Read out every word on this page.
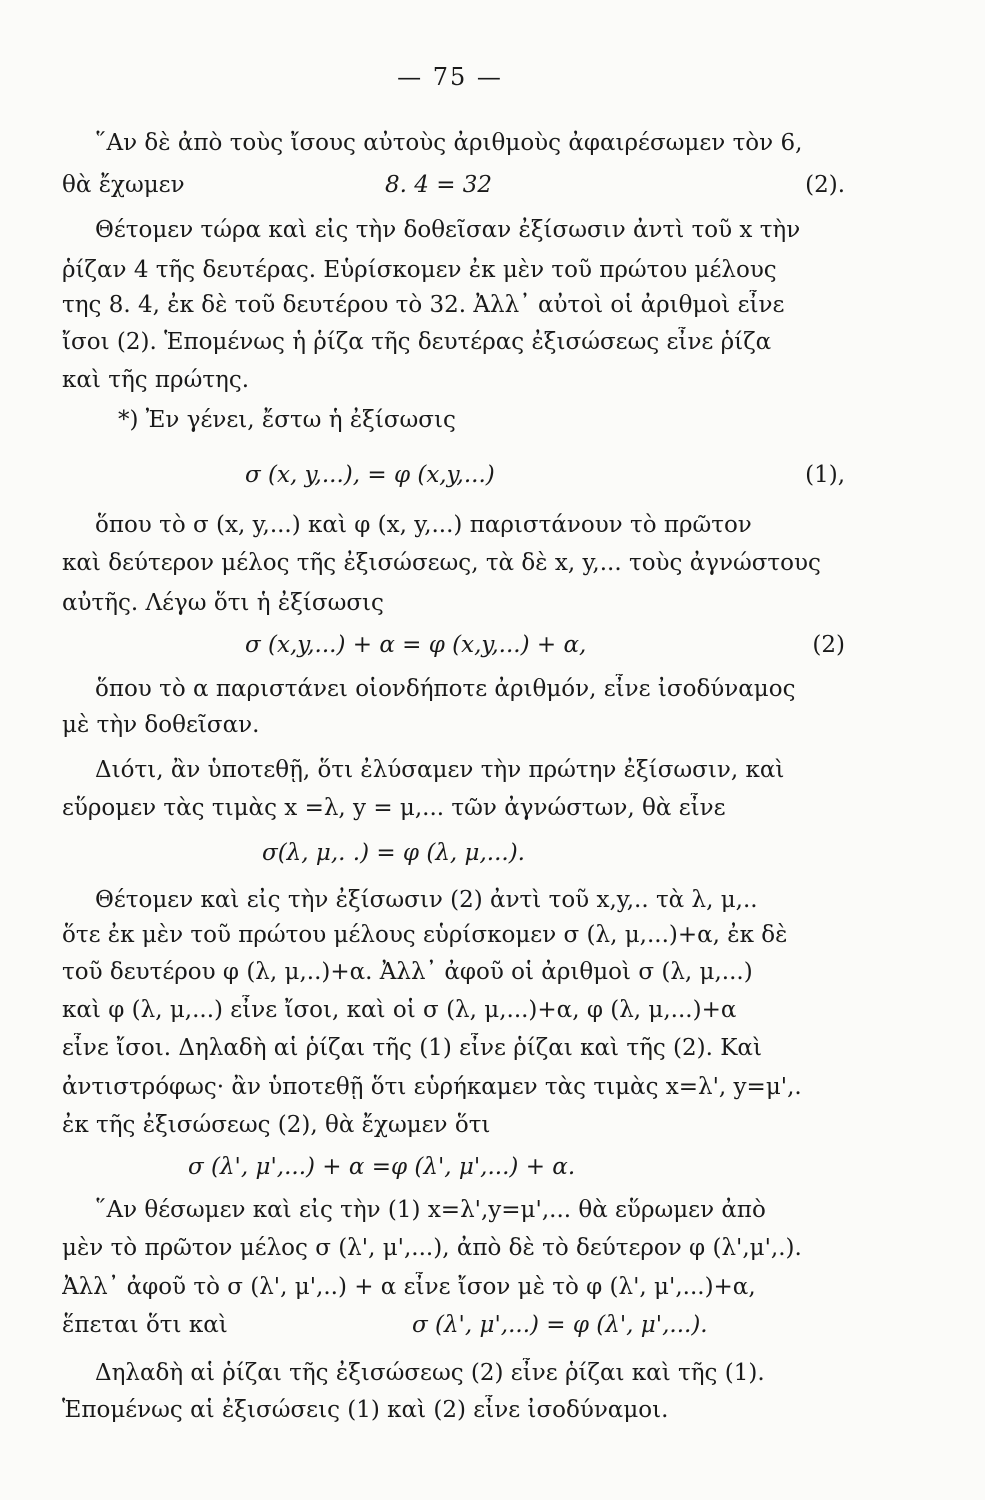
— 75 —
῞Αν δὲ ἀπὸ τοὺς ἴσους αὐτοὺς ἀριθμοὺς ἀφαιρέσωμεν τὸν 6,
θὰ ἔχωμεν	8. 4 = 32	(2).
Θέτομεν τώρα καὶ εἰς τὴν δοθεῖσαν ἐξίσωσιν ἀντὶ τοῦ x τὴν
ῥίζαν 4 τῆς δευτέρας. Εὑρίσκομεν ἐκ μὲν τοῦ πρώτου μέλους
της 8. 4, ἐκ δὲ τοῦ δευτέρου τὸ 32. Ἀλλ᾽ αὐτοὶ οἱ ἀριθμοὶ εἶνε
ἴσοι (2). Ἑπομένως ἡ ῥίζα τῆς δευτέρας ἐξισώσεως εἶνε ῥίζα
καὶ τῆς πρώτης.
*) Ἐν γένει, ἔστω ἡ ἐξίσωσις
σ (x, y,...), = φ (x,y,...)	(1),
ὅπου τὸ σ (x, y,...) καὶ φ (x, y,...) παριστάνουν τὸ πρῶτον
καὶ δεύτερον μέλος τῆς ἐξισώσεως, τὰ δὲ x, y,... τοὺς ἀγνώστους
αὐτῆς. Λέγω ὅτι ἡ ἐξίσωσις
σ (x,y,...) + α = φ (x,y,...) + α,	(2)
ὅπου τὸ α παριστάνει οἱονδήποτε ἀριθμόν, εἶνε ἰσοδύναμος
μὲ τὴν δοθεῖσαν.
Διότι, ἂν ὑποτεθῇ, ὅτι ἐλύσαμεν τὴν πρώτην ἐξίσωσιν, καὶ
εὕρομεν τὰς τιμὰς x =λ, y = μ,... τῶν ἀγνώστων, θὰ εἶνε
σ(λ, μ,. .) = φ (λ, μ,...).
Θέτομεν καὶ εἰς τὴν ἐξίσωσιν (2) ἀντὶ τοῦ x,y,.. τὰ λ, μ,..
ὅτε ἐκ μὲν τοῦ πρώτου μέλους εὑρίσκομεν σ (λ, μ,...)+α, ἐκ δὲ
τοῦ δευτέρου φ (λ, μ,..)+α. Ἀλλ᾽ ἀφοῦ οἱ ἀριθμοὶ σ (λ, μ,...)
καὶ φ (λ, μ,...) εἶνε ἴσοι, καὶ οἱ σ (λ, μ,...)+α, φ (λ, μ,...)+α
εἶνε ἴσοι. Δηλαδὴ αἱ ῥίζαι τῆς (1) εἶνε ῥίζαι καὶ τῆς (2). Καὶ
ἀντιστρόφως· ἂν ὑποτεθῇ ὅτι εὑρήκαμεν τὰς τιμὰς x=λ', y=μ',.
ἐκ τῆς ἐξισώσεως (2), θὰ ἔχωμεν ὅτι
σ (λ', μ',...) + α =φ (λ', μ',...) + α.
῞Αν θέσωμεν καὶ εἰς τὴν (1) x=λ',y=μ',... θὰ εὕρωμεν ἀπὸ
μὲν τὸ πρῶτον μέλος σ (λ', μ',...), ἀπὸ δὲ τὸ δεύτερον φ (λ',μ',.).
Ἀλλ᾽ ἀφοῦ τὸ σ (λ', μ',..) + α εἶνε ἴσον μὲ τὸ φ (λ', μ',...)+α,
ἕπεται ὅτι καὶ	σ (λ', μ',...) = φ (λ', μ',...).
Δηλαδὴ αἱ ῥίζαι τῆς ἐξισώσεως (2) εἶνε ῥίζαι καὶ τῆς (1).
Ἑπομένως αἱ ἐξισώσεις (1) καὶ (2) εἶνε ἰσοδύναμοι.
